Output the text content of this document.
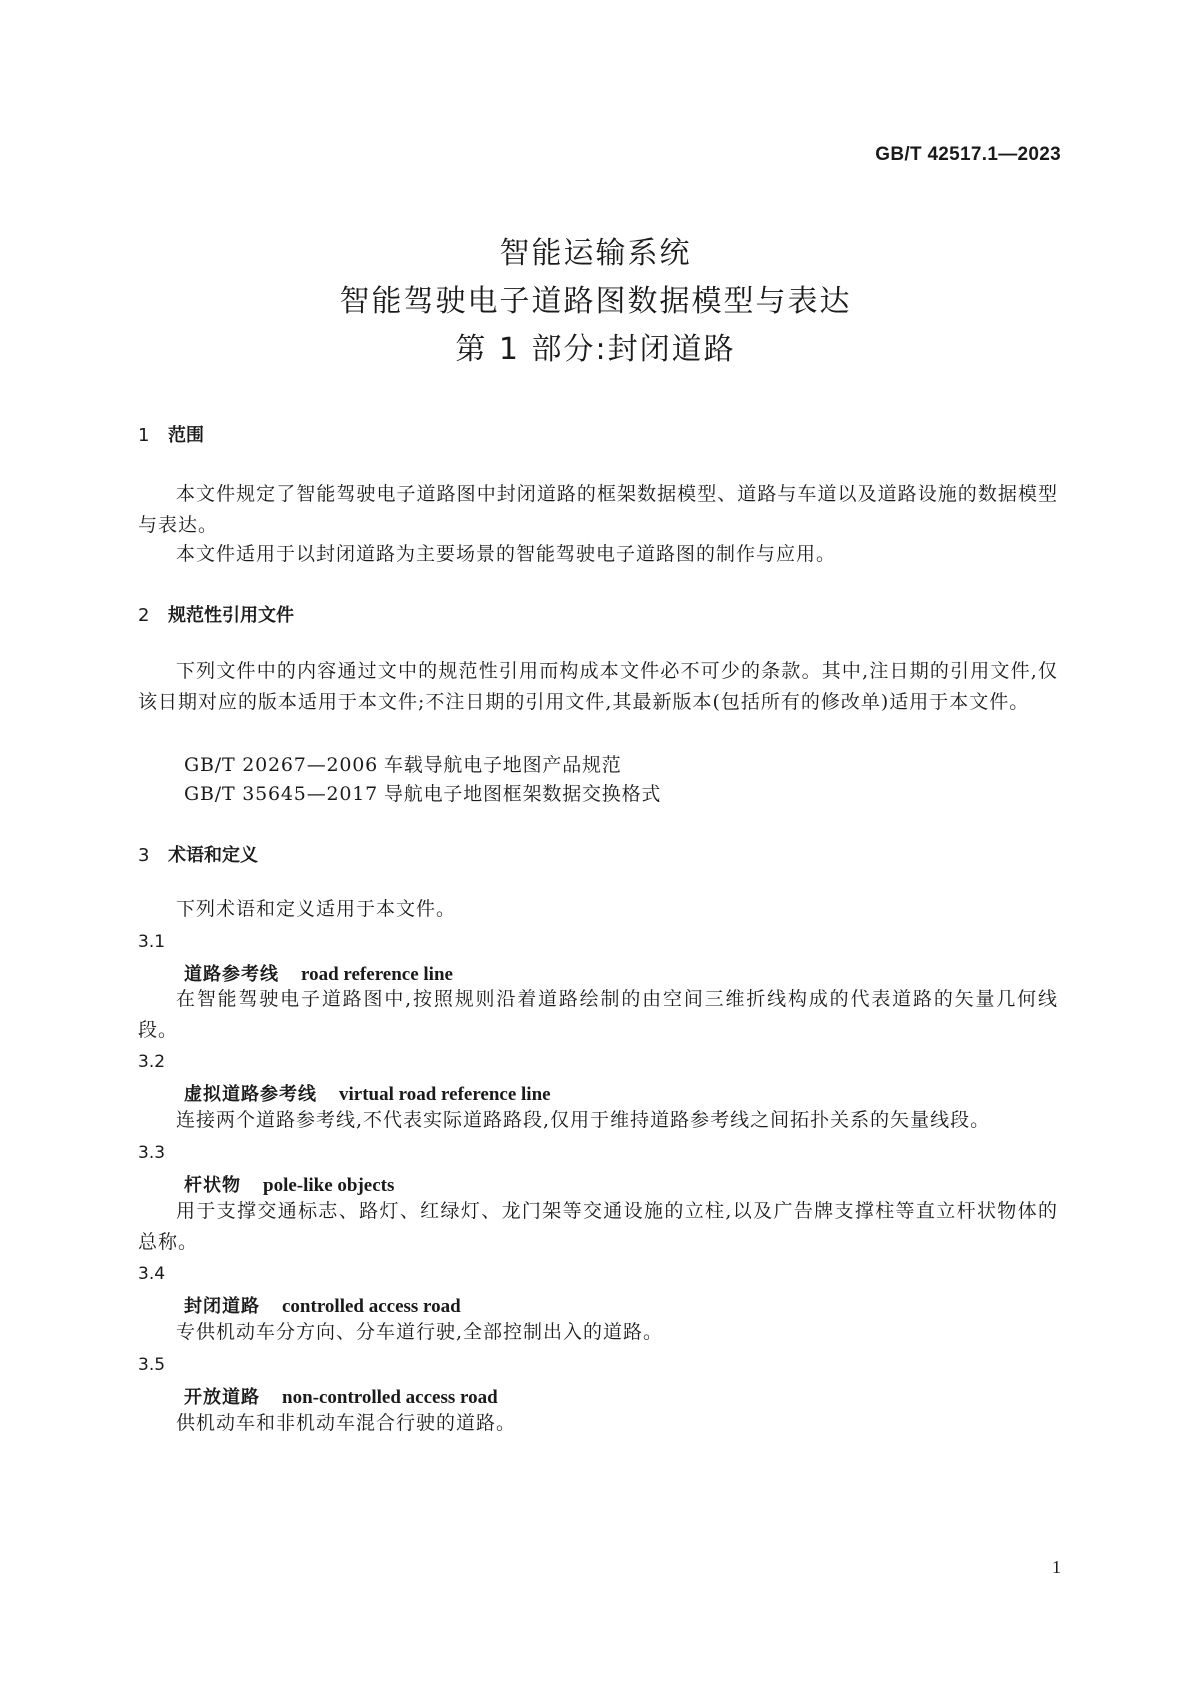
GB/T 42517.1—2023
智能运输系统
智能驾驶电子道路图数据模型与表达
第 1 部分:封闭道路
1 范围
本文件规定了智能驾驶电子道路图中封闭道路的框架数据模型、道路与车道以及道路设施的数据模型与表达。
本文件适用于以封闭道路为主要场景的智能驾驶电子道路图的制作与应用。
2 规范性引用文件
下列文件中的内容通过文中的规范性引用而构成本文件必不可少的条款。其中,注日期的引用文件,仅该日期对应的版本适用于本文件;不注日期的引用文件,其最新版本(包括所有的修改单)适用于本文件。
GB/T 20267—2006 车载导航电子地图产品规范
GB/T 35645—2017 导航电子地图框架数据交换格式
3 术语和定义
下列术语和定义适用于本文件。
3.1
道路参考线 road reference line
在智能驾驶电子道路图中,按照规则沿着道路绘制的由空间三维折线构成的代表道路的矢量几何线段。
3.2
虚拟道路参考线 virtual road reference line
连接两个道路参考线,不代表实际道路路段,仅用于维持道路参考线之间拓扑关系的矢量线段。
3.3
杆状物 pole-like objects
用于支撑交通标志、路灯、红绿灯、龙门架等交通设施的立柱,以及广告牌支撑柱等直立杆状物体的总称。
3.4
封闭道路 controlled access road
专供机动车分方向、分车道行驶,全部控制出入的道路。
3.5
开放道路 non-controlled access road
供机动车和非机动车混合行驶的道路。
1
